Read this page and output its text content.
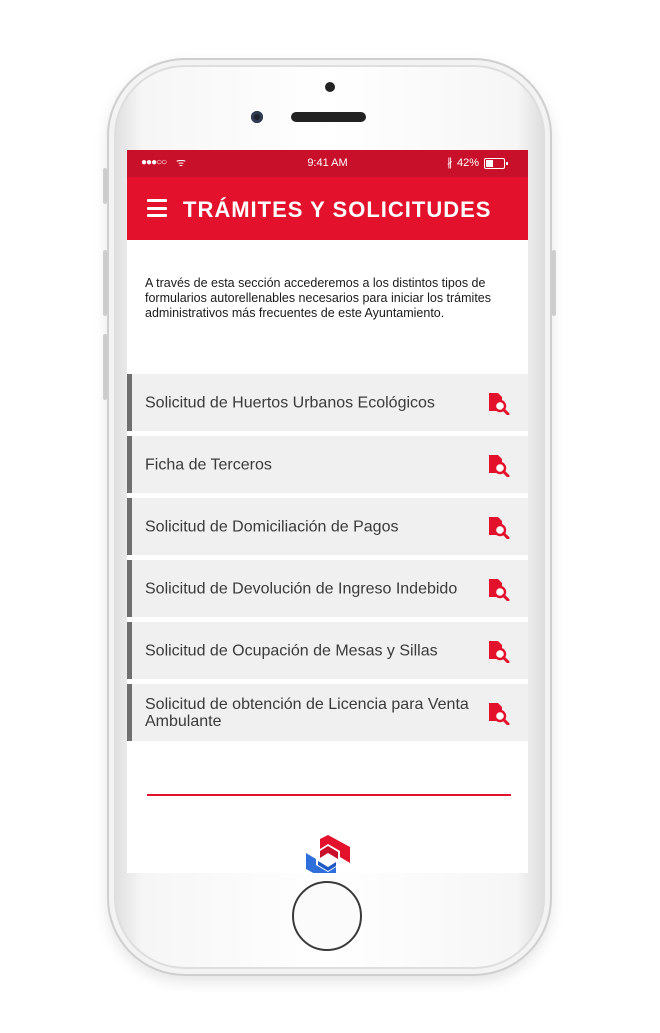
●●●○○ ᯤ	9:41 AM	∦ 42%
TRÁMITES Y SOLICITUDES
A través de esta sección accederemos a los distintos tipos de formularios autorellenables necesarios para iniciar los trámites administrativos más frecuentes de este Ayuntamiento.
Solicitud de Huertos Urbanos Ecológicos
Ficha de Terceros
Solicitud de Domiciliación de Pagos
Solicitud de Devolución de Ingreso Indebido
Solicitud de Ocupación de Mesas y Sillas
Solicitud de obtención de Licencia para Venta Ambulante
